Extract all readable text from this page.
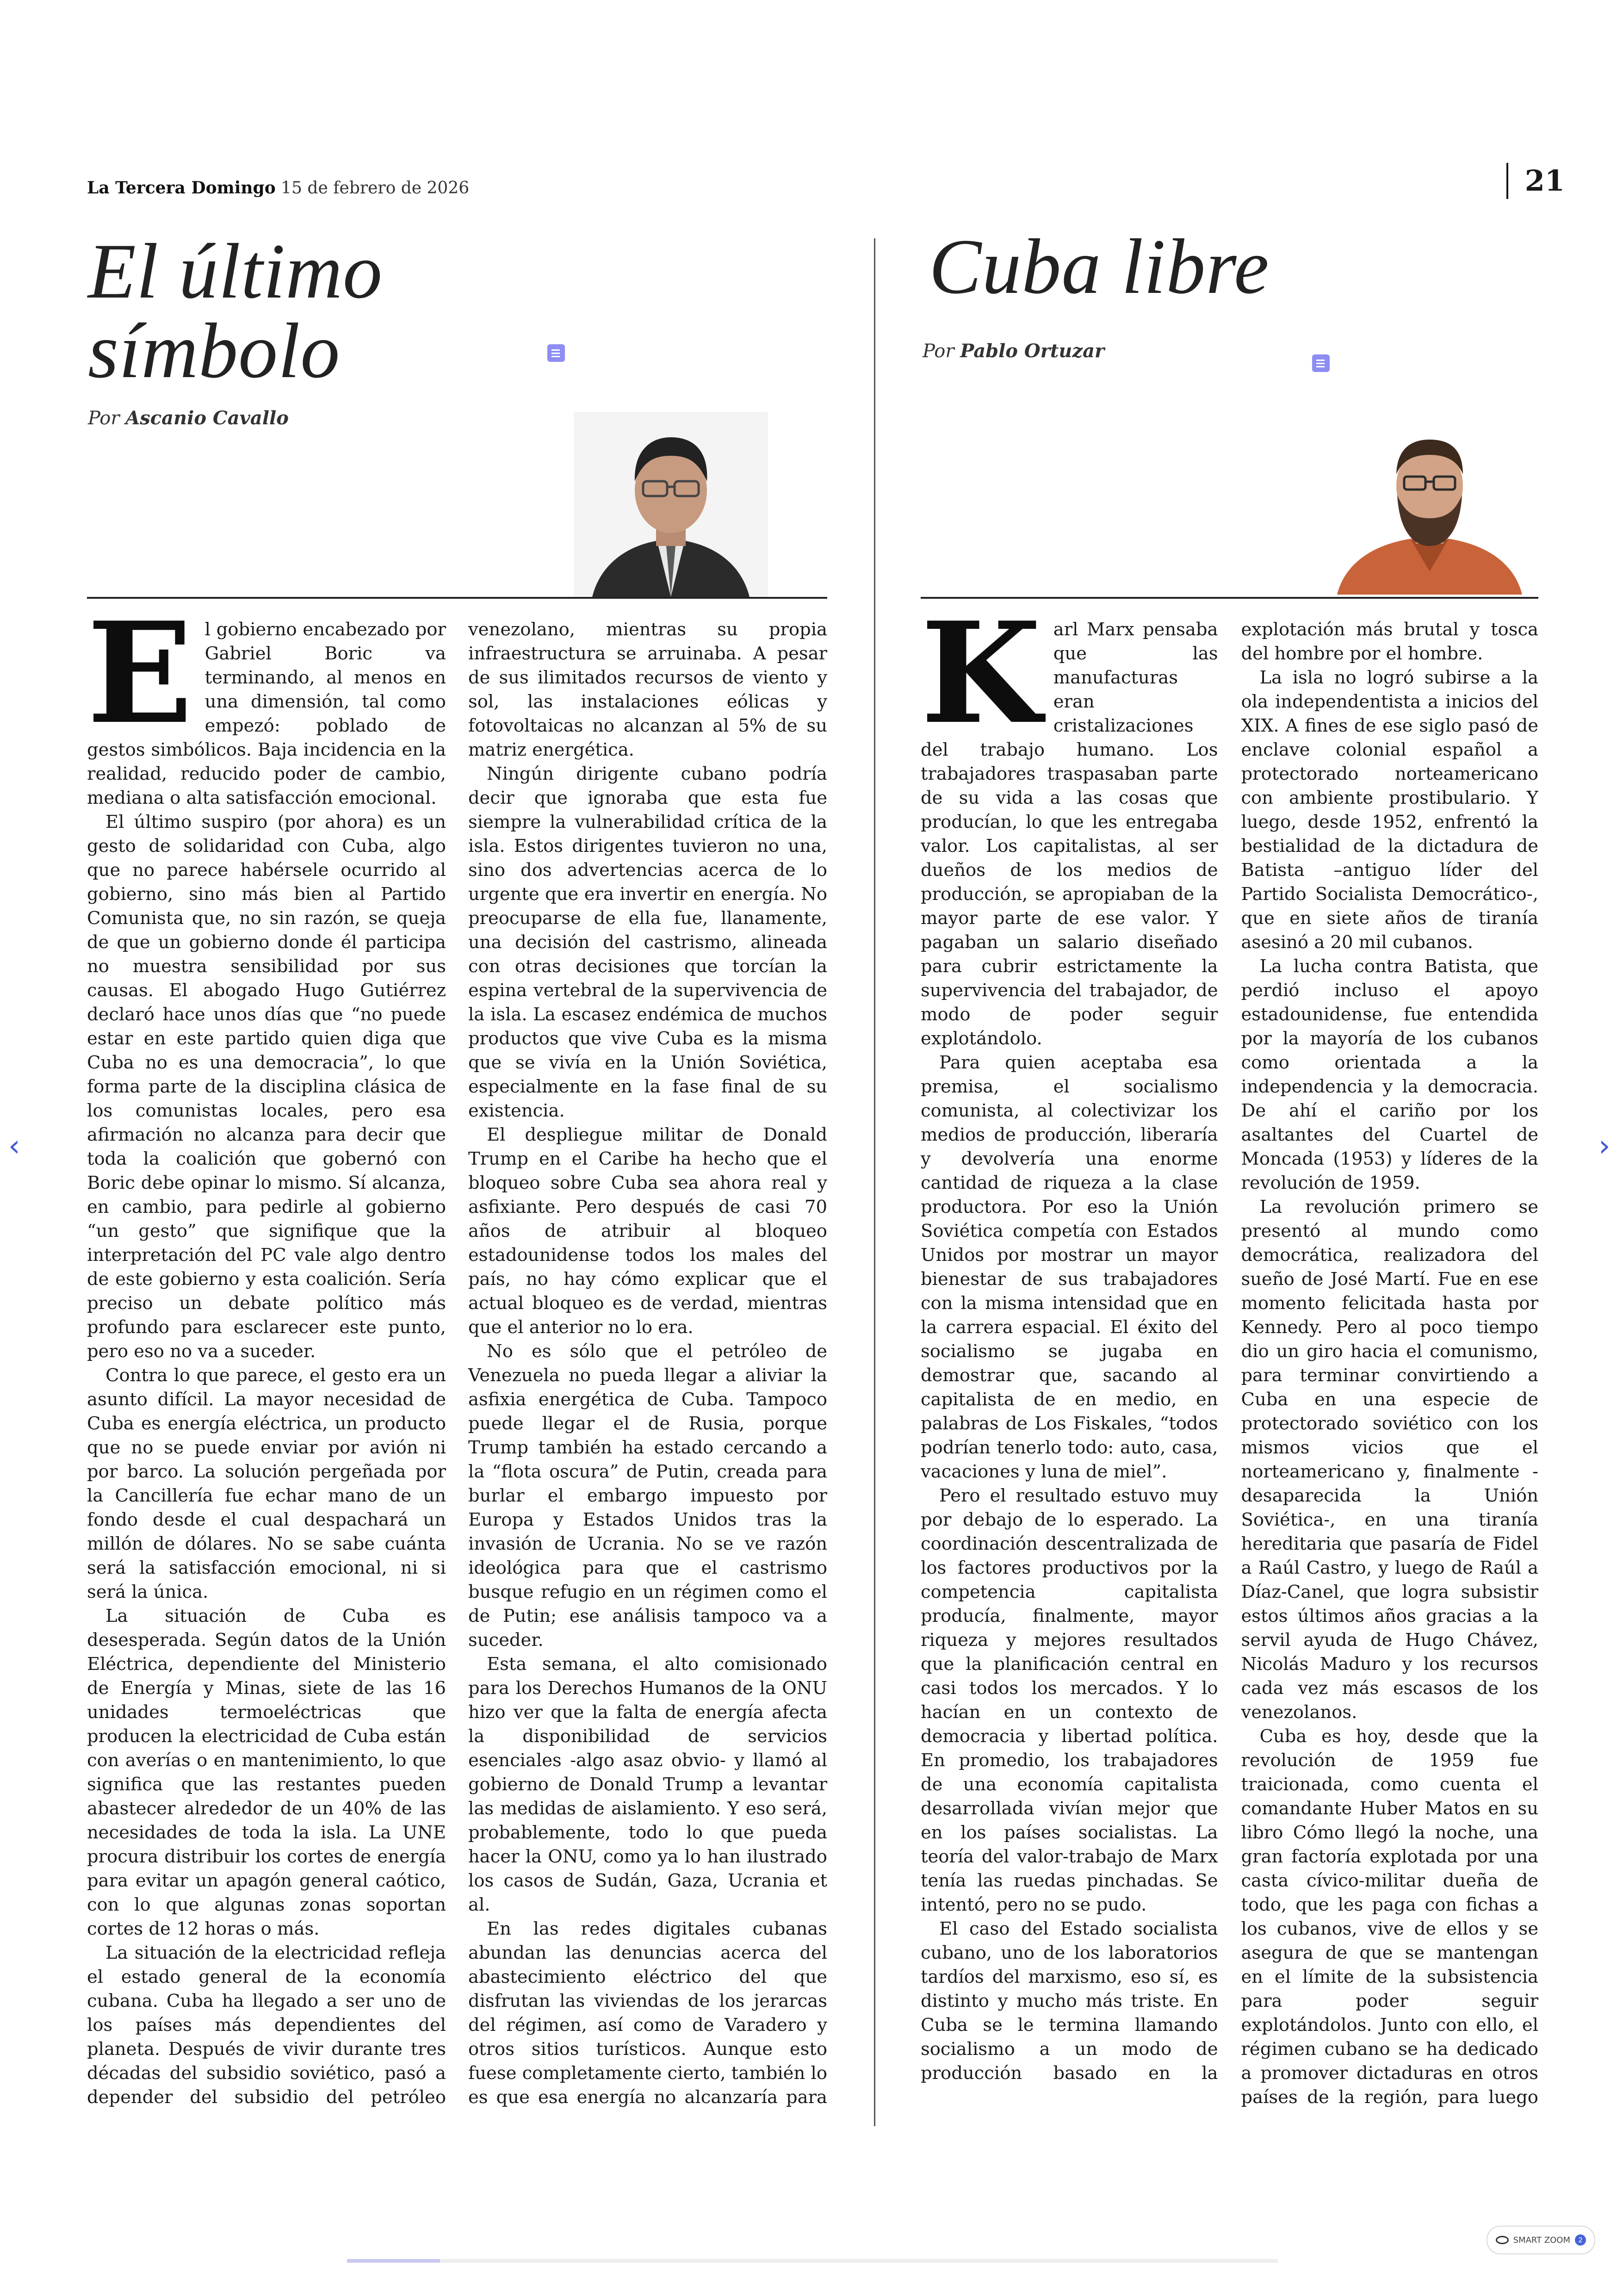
La Tercera Domingo 15 de febrero de 2026	21
El último
símbolo
Por Ascanio Cavallo
Cuba libre
Por Pablo Ortuzar

El gobierno encabezado por Gabriel Boric va terminando, al menos en una dimensión, tal como empezó: poblado de gestos simbólicos. Baja incidencia en la realidad, reducido poder de cambio, mediana o alta satisfacción emocional.

El último suspiro (por ahora) es un gesto de solidaridad con Cuba, algo que no parece habérsele ocurrido al gobierno, sino más bien al Partido Comunista que, no sin razón, se queja de que un gobierno donde él participa no muestra sensibilidad por sus causas. El abogado Hugo Gutiérrez declaró hace unos días que “no puede estar en este partido quien diga que Cuba no es una democracia”, lo que forma parte de la disciplina clásica de los comunistas locales, pero esa afirmación no alcanza para decir que toda la coalición que gobernó con Boric debe opinar lo mismo. Sí alcanza, en cambio, para pedirle al gobierno “un gesto” que signifique que la interpretación del PC vale algo dentro de este gobierno y esta coalición. Sería preciso un debate político más profundo para esclarecer este punto, pero eso no va a suceder.

Contra lo que parece, el gesto era un asunto difícil. La mayor necesidad de Cuba es energía eléctrica, un producto que no se puede enviar por avión ni por barco. La solución pergeñada por la Cancillería fue echar mano de un fondo desde el cual despachará un millón de dólares. No se sabe cuánta será la satisfacción emocional, ni si será la única.

La situación de Cuba es desesperada. Según datos de la Unión Eléctrica, dependiente del Ministerio de Energía y Minas, siete de las 16 unidades termoeléctricas que producen la electricidad de Cuba están con averías o en mantenimiento, lo que significa que las restantes pueden abastecer alrededor de un 40% de las necesidades de toda la isla. La UNE procura distribuir los cortes de energía para evitar un apagón general caótico, con lo que algunas zonas soportan cortes de 12 horas o más.

La situación de la electricidad refleja el estado general de la economía cubana. Cuba ha llegado a ser uno de los países más dependientes del planeta. Después de vivir durante tres décadas del subsidio soviético, pasó a depender del subsidio del petróleo venezolano, mientras su propia infraestructura se arruinaba. A pesar de sus ilimitados recursos de viento y sol, las instalaciones eólicas y fotovoltaicas no alcanzan al 5% de su matriz energética.

Ningún dirigente cubano podría decir que ignoraba que esta fue siempre la vulnerabilidad crítica de la isla. Estos dirigentes tuvieron no una, sino dos advertencias acerca de lo urgente que era invertir en energía. No preocuparse de ella fue, llanamente, una decisión del castrismo, alineada con otras decisiones que torcían la espina vertebral de la supervivencia de la isla. La escasez endémica de muchos productos que vive Cuba es la misma que se vivía en la Unión Soviética, especialmente en la fase final de su existencia.

El despliegue militar de Donald Trump en el Caribe ha hecho que el bloqueo sobre Cuba sea ahora real y asfixiante. Pero después de casi 70 años de atribuir al bloqueo estadounidense todos los males del país, no hay cómo explicar que el actual bloqueo es de verdad, mientras que el anterior no lo era.

No es sólo que el petróleo de Venezuela no pueda llegar a aliviar la asfixia energética de Cuba. Tampoco puede llegar el de Rusia, porque Trump también ha estado cercando a la “flota oscura” de Putin, creada para burlar el embargo impuesto por Europa y Estados Unidos tras la invasión de Ucrania. No se ve razón ideológica para que el castrismo busque refugio en un régimen como el de Putin; ese análisis tampoco va a suceder.

Esta semana, el alto comisionado para los Derechos Humanos de la ONU hizo ver que la falta de energía afecta la disponibilidad de servicios esenciales -algo asaz obvio- y llamó al gobierno de Donald Trump a levantar las medidas de aislamiento. Y eso será, probablemente, todo lo que pueda hacer la ONU, como ya lo han ilustrado los casos de Sudán, Gaza, Ucrania et al.

En las redes digitales cubanas abundan las denuncias acerca del abastecimiento eléctrico del que disfrutan las viviendas de los jerarcas del régimen, así como de Varadero y otros sitios turísticos. Aunque esto fuese completamente cierto, también lo es que esa energía no alcanzaría para

Karl Marx pensaba que las manufacturas eran cristalizaciones del trabajo humano. Los trabajadores traspasaban parte de su vida a las cosas que producían, lo que les entregaba valor. Los capitalistas, al ser dueños de los medios de producción, se apropiaban de la mayor parte de ese valor. Y pagaban un salario diseñado para cubrir estrictamente la supervivencia del trabajador, de modo de poder seguir explotándolo.

Para quien aceptaba esa premisa, el socialismo comunista, al colectivizar los medios de producción, liberaría y devolvería una enorme cantidad de riqueza a la clase productora. Por eso la Unión Soviética competía con Estados Unidos por mostrar un mayor bienestar de sus trabajadores con la misma intensidad que en la carrera espacial. El éxito del socialismo se jugaba en demostrar que, sacando al capitalista de en medio, en palabras de Los Fiskales, “todos podrían tenerlo todo: auto, casa, vacaciones y luna de miel”.

Pero el resultado estuvo muy por debajo de lo esperado. La coordinación descentralizada de los factores productivos por la competencia capitalista producía, finalmente, mayor riqueza y mejores resultados que la planificación central en casi todos los mercados. Y lo hacían en un contexto de democracia y libertad política. En promedio, los trabajadores de una economía capitalista desarrollada vivían mejor que en los países socialistas. La teoría del valor-trabajo de Marx tenía las ruedas pinchadas. Se intentó, pero no se pudo.

El caso del Estado socialista cubano, uno de los laboratorios tardíos del marxismo, eso sí, es distinto y mucho más triste. En Cuba se le termina llamando socialismo a un modo de producción basado en la explotación más brutal y tosca del hombre por el hombre.

La isla no logró subirse a la ola independentista a inicios del XIX. A fines de ese siglo pasó de enclave colonial español a protectorado norteamericano con ambiente prostibulario. Y luego, desde 1952, enfrentó la bestialidad de la dictadura de Batista –antiguo líder del Partido Socialista Democrático-, que en siete años de tiranía asesinó a 20 mil cubanos.

La lucha contra Batista, que perdió incluso el apoyo estadounidense, fue entendida por la mayoría de los cubanos como orientada a la independencia y la democracia. De ahí el cariño por los asaltantes del Cuartel de Moncada (1953) y líderes de la revolución de 1959.

La revolución primero se presentó al mundo como democrática, realizadora del sueño de José Martí. Fue en ese momento felicitada hasta por Kennedy. Pero al poco tiempo dio un giro hacia el comunismo, para terminar convirtiendo a Cuba en una especie de protectorado soviético con los mismos vicios que el norteamericano y, finalmente -desaparecida la Unión Soviética-, en una tiranía hereditaria que pasaría de Fidel a Raúl Castro, y luego de Raúl a Díaz-Canel, que logra subsistir estos últimos años gracias a la servil ayuda de Hugo Chávez, Nicolás Maduro y los recursos cada vez más escasos de los venezolanos.

Cuba es hoy, desde que la revolución de 1959 fue traicionada, como cuenta el comandante Huber Matos en su libro Cómo llegó la noche, una gran factoría explotada por una casta cívico-militar dueña de todo, que les paga con fichas a los cubanos, vive de ellos y se asegura de que se mantengan en el límite de la subsistencia para poder seguir explotándolos. Junto con ello, el régimen cubano se ha dedicado a promover dictaduras en otros países de la región, para luego

‹	›
SMART ZOOM	2
